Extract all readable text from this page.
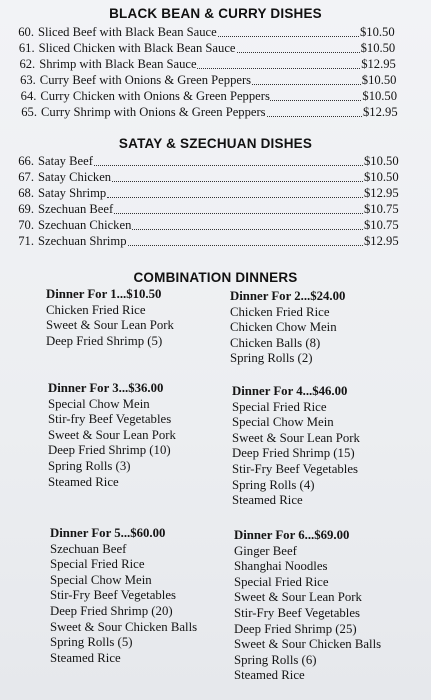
BLACK BEAN & CURRY DISHES
60. Sliced Beef with Black Bean Sauce	$10.50
61. Sliced Chicken with Black Bean Sauce	$10.50
62. Shrimp with Black Bean Sauce	$12.95
63. Curry Beef with Onions & Green Peppers	$10.50
64. Curry Chicken with Onions & Green Peppers	$10.50
65. Curry Shrimp with Onions & Green Peppers	$12.95
SATAY & SZECHUAN DISHES
66. Satay Beef	$10.50
67. Satay Chicken	$10.50
68. Satay Shrimp	$12.95
69. Szechuan Beef	$10.75
70. Szechuan Chicken	$10.75
71. Szechuan Shrimp	$12.95
COMBINATION DINNERS
Dinner For 1...$10.50
Chicken Fried Rice
Sweet & Sour Lean Pork
Deep Fried Shrimp (5)
Dinner For 2...$24.00
Chicken Fried Rice
Chicken Chow Mein
Chicken Balls (8)
Spring Rolls (2)
Dinner For 3...$36.00
Special Chow Mein
Stir-fry Beef Vegetables
Sweet & Sour Lean Pork
Deep Fried Shrimp (10)
Spring Rolls (3)
Steamed Rice
Dinner For 4...$46.00
Special Fried Rice
Special Chow Mein
Sweet & Sour Lean Pork
Deep Fried Shrimp (15)
Stir-Fry Beef Vegetables
Spring Rolls (4)
Steamed Rice
Dinner For 5...$60.00
Szechuan Beef
Special Fried Rice
Special Chow Mein
Stir-Fry Beef Vegetables
Deep Fried Shrimp (20)
Sweet & Sour Chicken Balls
Spring Rolls (5)
Steamed Rice
Dinner For 6...$69.00
Ginger Beef
Shanghai Noodles
Special Fried Rice
Sweet & Sour Lean Pork
Stir-Fry Beef Vegetables
Deep Fried Shrimp (25)
Sweet & Sour Chicken Balls
Spring Rolls (6)
Steamed Rice
